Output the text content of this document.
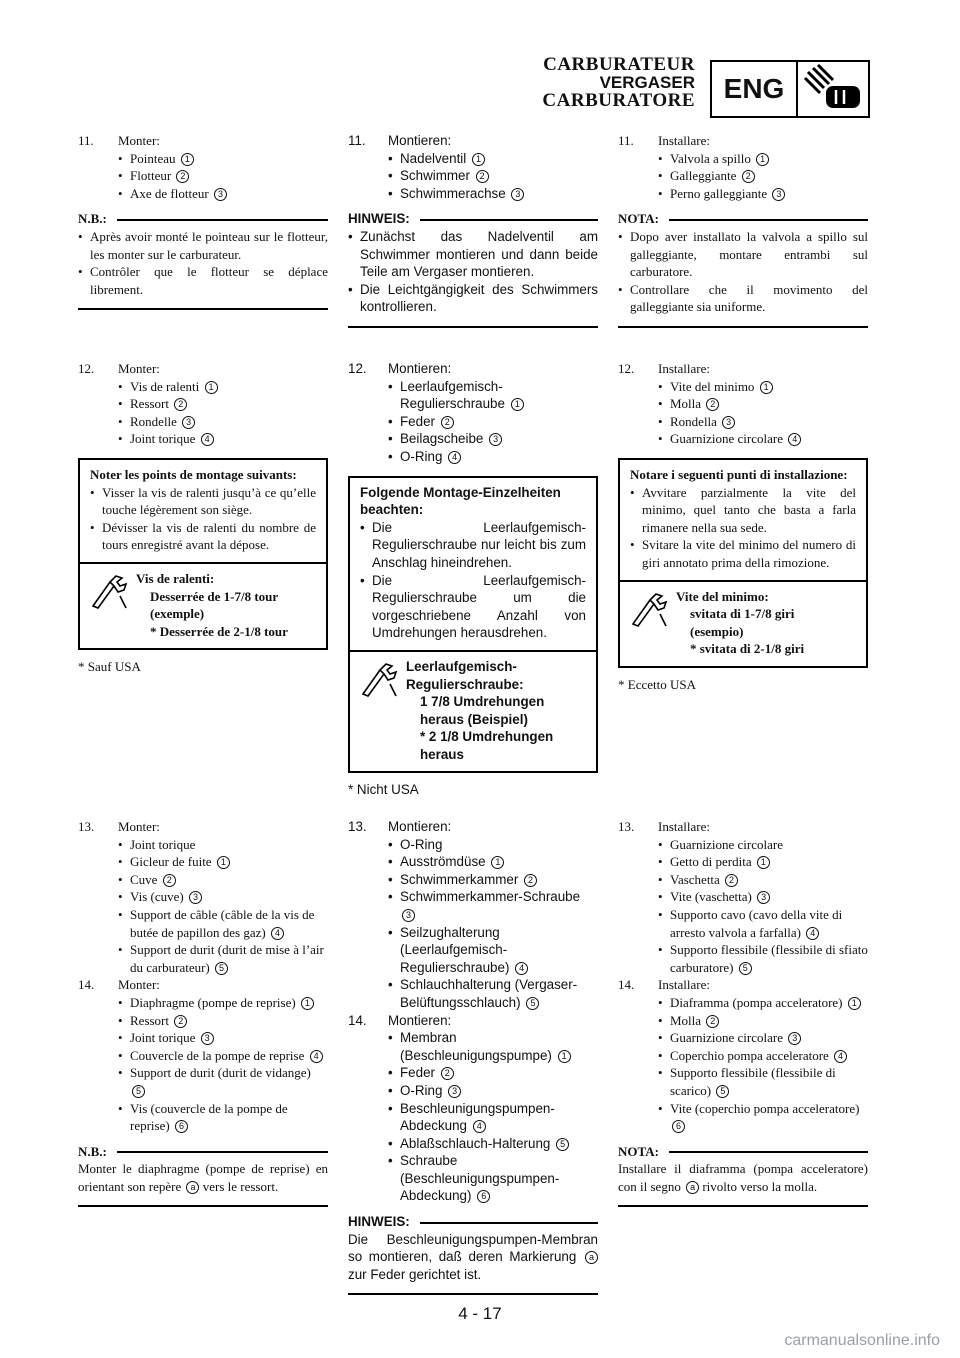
CARBURATEUR
VERGASER
CARBURATORE	ENG
11.	Monter:
• Pointeau 1
• Flotteur 2
• Axe de flotteur 3
N.B.:
• Après avoir monté le pointeau sur le flotteur, les monter sur le carburateur.
• Contrôler que le flotteur se déplace librement.
12.	Monter:
• Vis de ralenti 1
• Ressort 2
• Rondelle 3
• Joint torique 4
Noter les points de montage suivants:
• Visser la vis de ralenti jusqu’à ce qu’elle touche légèrement son siège.
• Dévisser la vis de ralenti du nombre de tours enregistré avant la dépose.
Vis de ralenti:
Desserrée de 1-7/8 tour
(exemple)
* Desserrée de 2-1/8 tour
* Sauf USA
13.	Monter:
• Joint torique
• Gicleur de fuite 1
• Cuve 2
• Vis (cuve) 3
• Support de câble (câble de la vis de butée de papillon des gaz) 4
• Support de durit (durit de mise à l’air du carburateur) 5
14.	Monter:
• Diaphragme (pompe de reprise) 1
• Ressort 2
• Joint torique 3
• Couvercle de la pompe de reprise 4
• Support de durit (durit de vidange) 5
• Vis (couvercle de la pompe de reprise) 6
N.B.:
Monter le diaphragme (pompe de reprise) en orientant son repère a vers le ressort.
11.	Montieren:
• Nadelventil 1
• Schwimmer 2
• Schwimmerachse 3
HINWEIS:
• Zunächst das Nadelventil am Schwimmer montieren und dann beide Teile am Vergaser montieren.
• Die Leichtgängigkeit des Schwimmers kontrollieren.
12.	Montieren:
• Leerlaufgemisch-Regulierschraube 1
• Feder 2
• Beilagscheibe 3
• O-Ring 4
Folgende Montage-Einzelheiten beachten:
• Die Leerlaufgemisch-Regulierschraube nur leicht bis zum Anschlag hineindrehen.
• Die Leerlaufgemisch-Regulierschraube um die vorgeschriebene Anzahl von Umdrehungen herausdrehen.
Leerlaufgemisch-Regulierschraube:
1 7/8 Umdrehungen heraus (Beispiel)
* 2 1/8 Umdrehungen heraus
* Nicht USA
13.	Montieren:
• O-Ring
• Ausströmdüse 1
• Schwimmerkammer 2
• Schwimmerkammer-Schraube 3
• Seilzughalterung (Leerlaufgemisch-Regulierschraube) 4
• Schlauchhalterung (Vergaser-Belüftungsschlauch) 5
14.	Montieren:
• Membran (Beschleunigungspumpe) 1
• Feder 2
• O-Ring 3
• Beschleunigungspumpen-Abdeckung 4
• Ablaßschlauch-Halterung 5
• Schraube (Beschleunigungspumpen-Abdeckung) 6
HINWEIS:
Die Beschleunigungspumpen-Membran so montieren, daß deren Markierung a zur Feder gerichtet ist.
11.	Installare:
• Valvola a spillo 1
• Galleggiante 2
• Perno galleggiante 3
NOTA:
• Dopo aver installato la valvola a spillo sul galleggiante, montare entrambi sul carburatore.
• Controllare che il movimento del galleggiante sia uniforme.
12.	Installare:
• Vite del minimo 1
• Molla 2
• Rondella 3
• Guarnizione circolare 4
Notare i seguenti punti di installazione:
• Avvitare parzialmente la vite del minimo, quel tanto che basta a farla rimanere nella sua sede.
• Svitare la vite del minimo del numero di giri annotato prima della rimozione.
Vite del minimo:
svitata di 1-7/8 giri
(esempio)
* svitata di 2-1/8 giri
* Eccetto USA
13.	Installare:
• Guarnizione circolare
• Getto di perdita 1
• Vaschetta 2
• Vite (vaschetta) 3
• Supporto cavo (cavo della vite di arresto valvola a farfalla) 4
• Supporto flessibile (flessibile di sfiato carburatore) 5
14.	Installare:
• Diaframma (pompa acceleratore) 1
• Molla 2
• Guarnizione circolare 3
• Coperchio pompa acceleratore 4
• Supporto flessibile (flessibile di scarico) 5
• Vite (coperchio pompa acceleratore) 6
NOTA:
Installare il diaframma (pompa acceleratore) con il segno a rivolto verso la molla.
4 - 17
carmanualsonline.info
